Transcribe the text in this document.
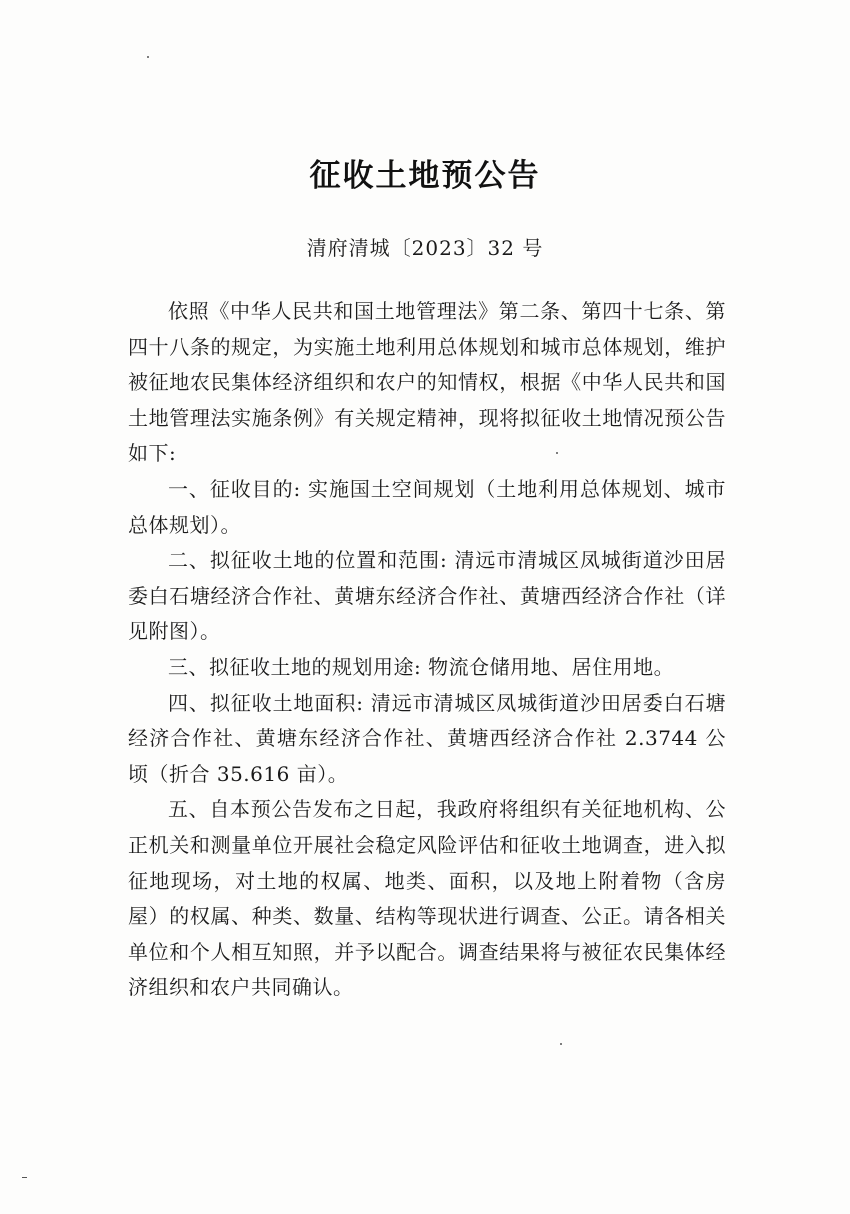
征收土地预公告
清府清城〔2023〕32 号

依照《中华人民共和国土地管理法》第二条、第四十七条、第四十八条的规定，为实施土地利用总体规划和城市总体规划，维护被征地农民集体经济组织和农户的知情权，根据《中华人民共和国土地管理法实施条例》有关规定精神，现将拟征收土地情况预公告如下:

一、征收目的: 实施国土空间规划（土地利用总体规划、城市总体规划）。

二、拟征收土地的位置和范围: 清远市清城区凤城街道沙田居委白石塘经济合作社、黄塘东经济合作社、黄塘西经济合作社（详见附图）。

三、拟征收土地的规划用途: 物流仓储用地、居住用地。

四、拟征收土地面积: 清远市清城区凤城街道沙田居委白石塘经济合作社、黄塘东经济合作社、黄塘西经济合作社 2.3744 公顷（折合 35.616 亩）。

五、自本预公告发布之日起，我政府将组织有关征地机构、公正机关和测量单位开展社会稳定风险评估和征收土地调查，进入拟征地现场，对土地的权属、地类、面积，以及地上附着物（含房屋）的权属、种类、数量、结构等现状进行调查、公正。请各相关单位和个人相互知照，并予以配合。调查结果将与被征农民集体经济组织和农户共同确认。
